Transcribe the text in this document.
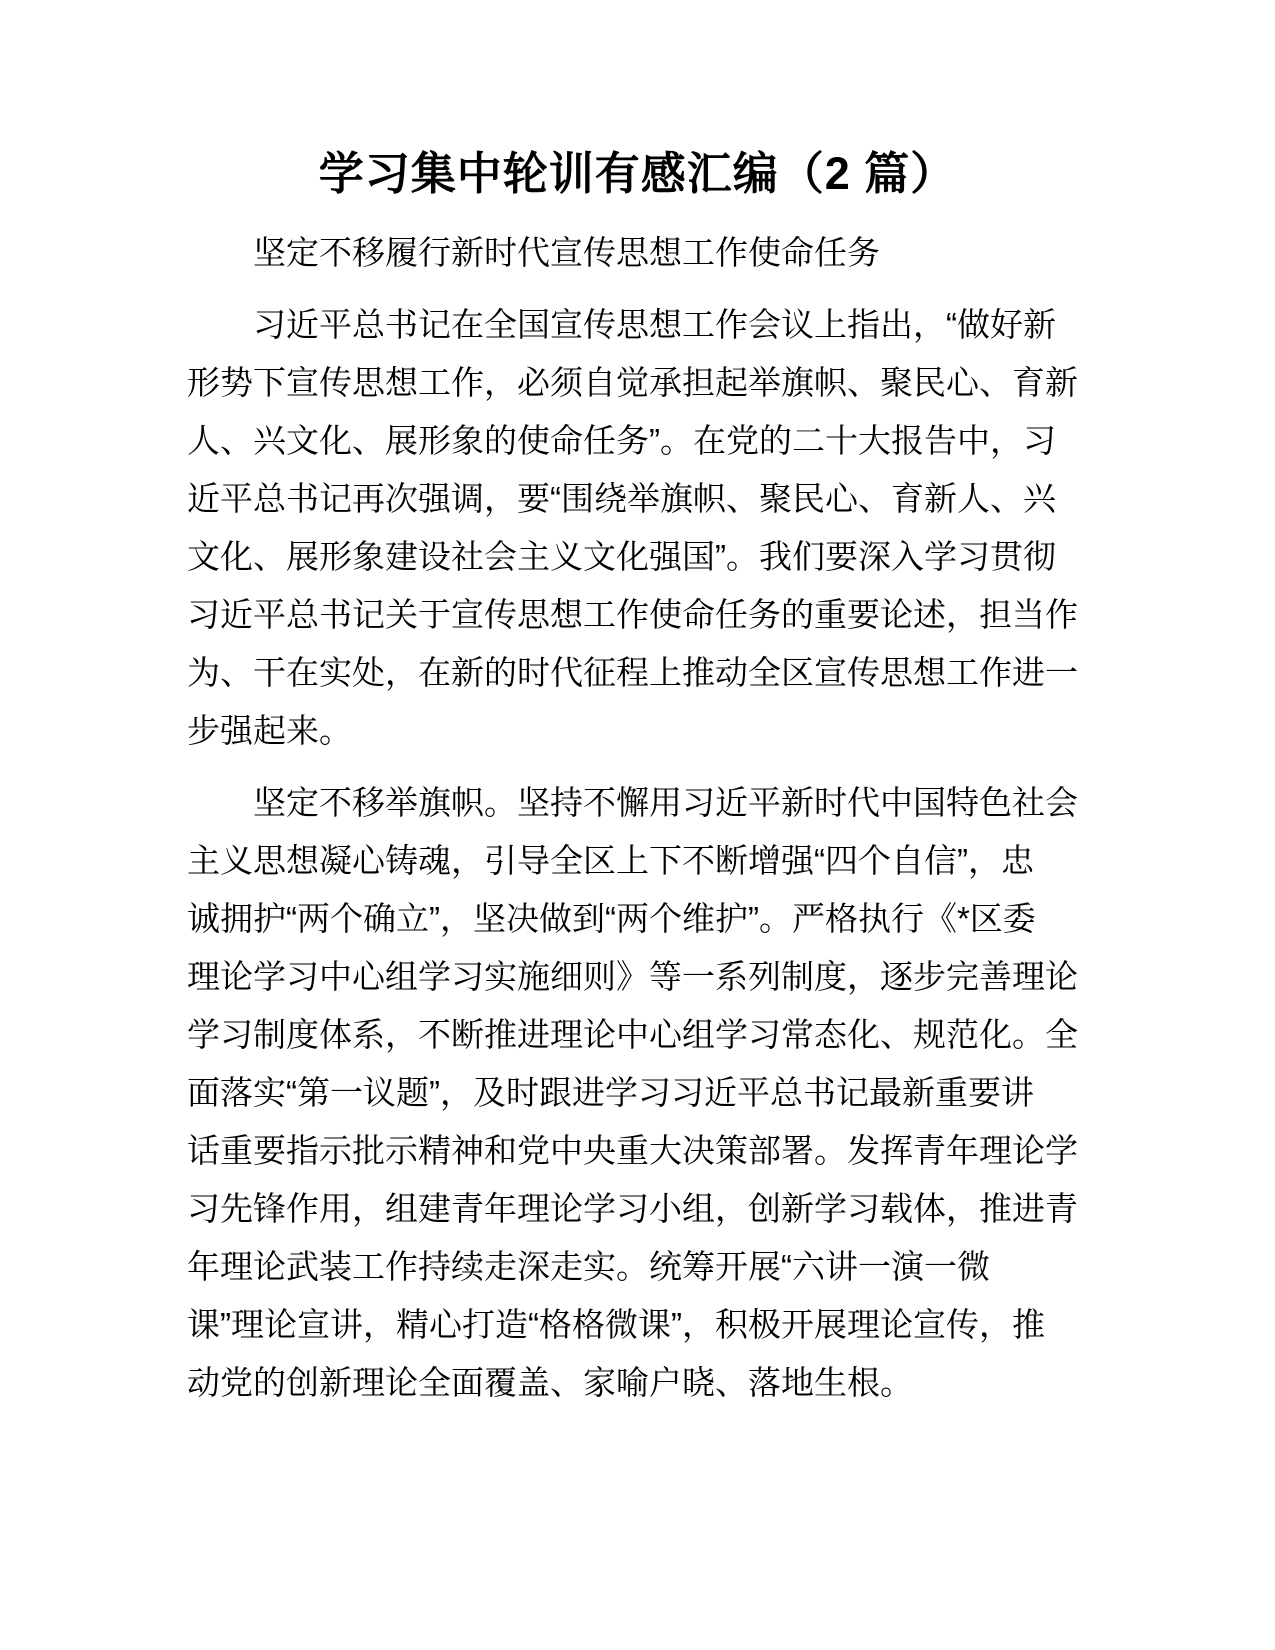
学习集中轮训有感汇编（2 篇）
坚定不移履行新时代宣传思想工作使命任务
习近平总书记在全国宣传思想工作会议上指出，“做好新
形势下宣传思想工作，必须自觉承担起举旗帜、聚民心、育新
人、兴文化、展形象的使命任务”。在党的二十大报告中，习
近平总书记再次强调，要“围绕举旗帜、聚民心、育新人、兴
文化、展形象建设社会主义文化强国”。我们要深入学习贯彻
习近平总书记关于宣传思想工作使命任务的重要论述，担当作
为、干在实处，在新的时代征程上推动全区宣传思想工作进一
步强起来。
坚定不移举旗帜。坚持不懈用习近平新时代中国特色社会
主义思想凝心铸魂，引导全区上下不断增强“四个自信”，忠
诚拥护“两个确立”，坚决做到“两个维护”。严格执行《*区委
理论学习中心组学习实施细则》等一系列制度，逐步完善理论
学习制度体系，不断推进理论中心组学习常态化、规范化。全
面落实“第一议题”，及时跟进学习习近平总书记最新重要讲
话重要指示批示精神和党中央重大决策部署。发挥青年理论学
习先锋作用，组建青年理论学习小组，创新学习载体，推进青
年理论武装工作持续走深走实。统筹开展“六讲一演一微
课”理论宣讲，精心打造“格格微课”，积极开展理论宣传，推
动党的创新理论全面覆盖、家喻户晓、落地生根。
